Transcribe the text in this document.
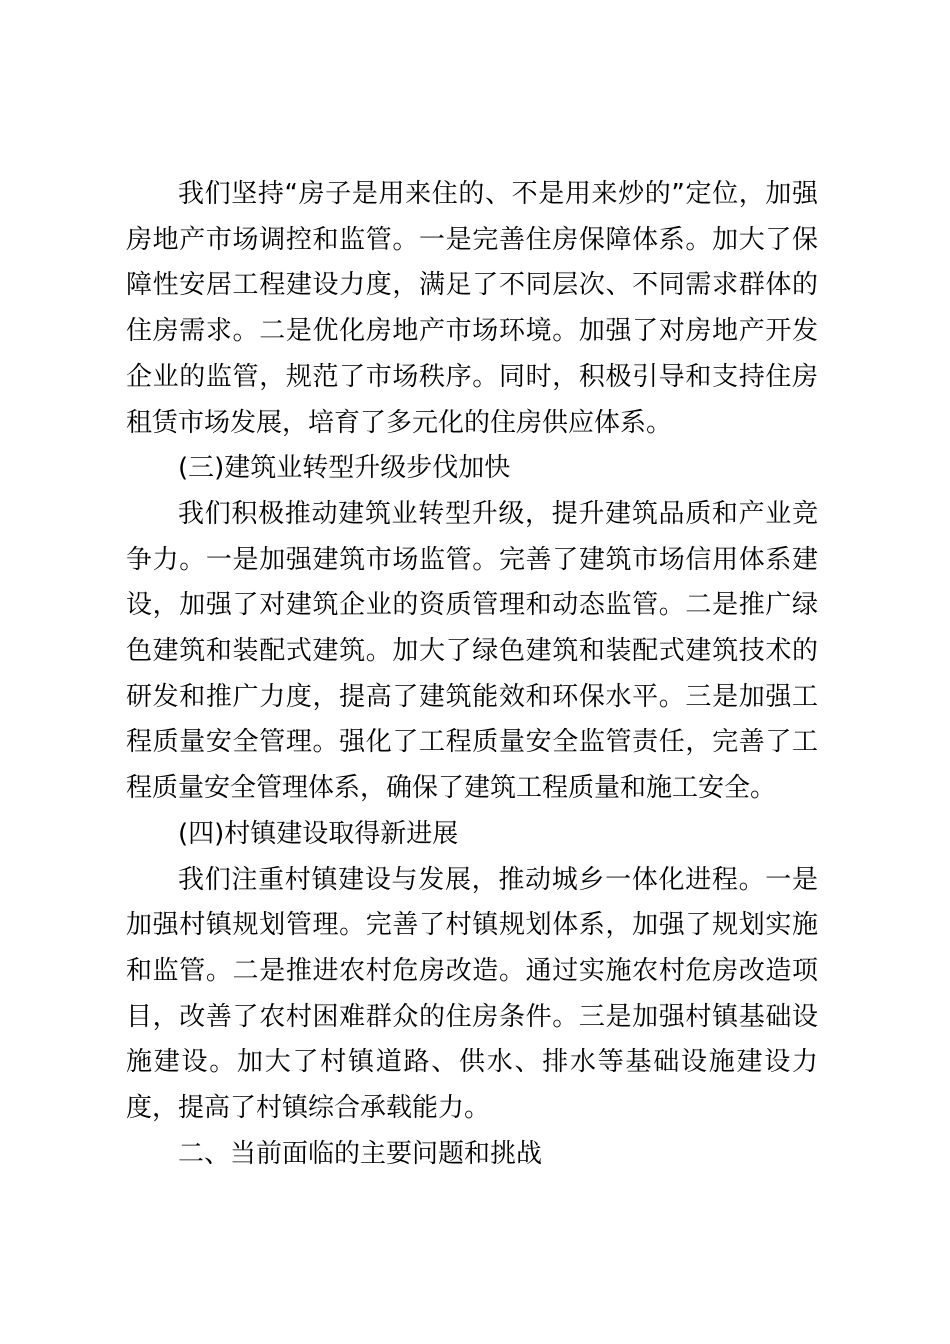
我们坚持“房子是用来住的、不是用来炒的”定位，加强房地产市场调控和监管。一是完善住房保障体系。加大了保障性安居工程建设力度，满足了不同层次、不同需求群体的住房需求。二是优化房地产市场环境。加强了对房地产开发企业的监管，规范了市场秩序。同时，积极引导和支持住房租赁市场发展，培育了多元化的住房供应体系。

(三)建筑业转型升级步伐加快

我们积极推动建筑业转型升级，提升建筑品质和产业竞争力。一是加强建筑市场监管。完善了建筑市场信用体系建设，加强了对建筑企业的资质管理和动态监管。二是推广绿色建筑和装配式建筑。加大了绿色建筑和装配式建筑技术的研发和推广力度，提高了建筑能效和环保水平。三是加强工程质量安全管理。强化了工程质量安全监管责任，完善了工程质量安全管理体系，确保了建筑工程质量和施工安全。

(四)村镇建设取得新进展

我们注重村镇建设与发展，推动城乡一体化进程。一是加强村镇规划管理。完善了村镇规划体系，加强了规划实施和监管。二是推进农村危房改造。通过实施农村危房改造项目，改善了农村困难群众的住房条件。三是加强村镇基础设施建设。加大了村镇道路、供水、排水等基础设施建设力度，提高了村镇综合承载能力。

二、当前面临的主要问题和挑战
